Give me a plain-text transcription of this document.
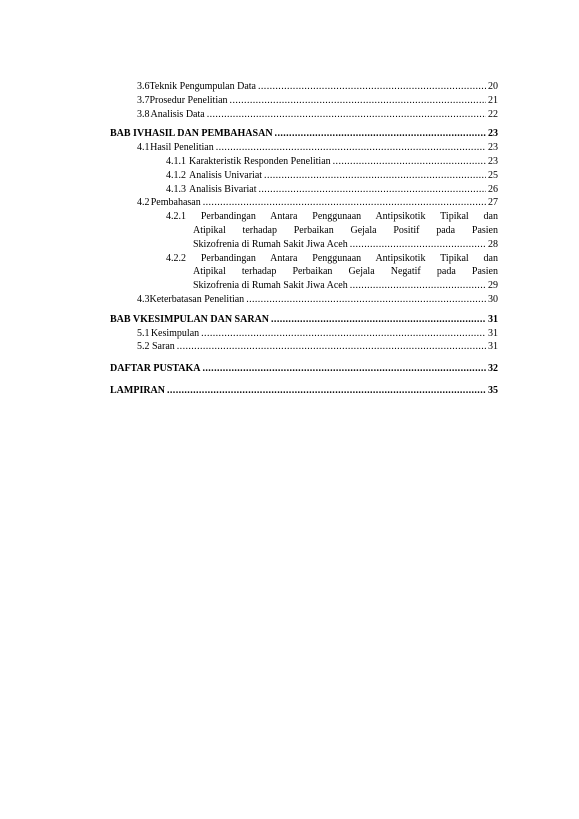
3.6 Teknik Pengumpulan Data .....	20
3.7 Prosedur Penelitian .....	21
3.8 Analisis Data .....	22
BAB IV HASIL DAN PEMBAHASAN .....	23
4.1 Hasil Penelitian .....	23
4.1.1 Karakteristik Responden Penelitian .....	23
4.1.2 Analisis Univariat .....	25
4.1.3 Analisis Bivariat .....	26
4.2 Pembahasan .....	27
4.2.1 Perbandingan Antara Penggunaan Antipsikotik Tipikal dan
Atipikal terhadap Perbaikan Gejala Positif pada Pasien
Skizofrenia di Rumah Sakit Jiwa Aceh .....	28
4.2.2 Perbandingan Antara Penggunaan Antipsikotik Tipikal dan
Atipikal terhadap Perbaikan Gejala Negatif pada Pasien
Skizofrenia di Rumah Sakit Jiwa Aceh .....	29
4.3 Keterbatasan Penelitian .....	30
BAB V KESIMPULAN DAN SARAN .....	31
5.1 Kesimpulan .....	31
5.2 Saran .....	31
DAFTAR PUSTAKA .....	32
LAMPIRAN .....	35
